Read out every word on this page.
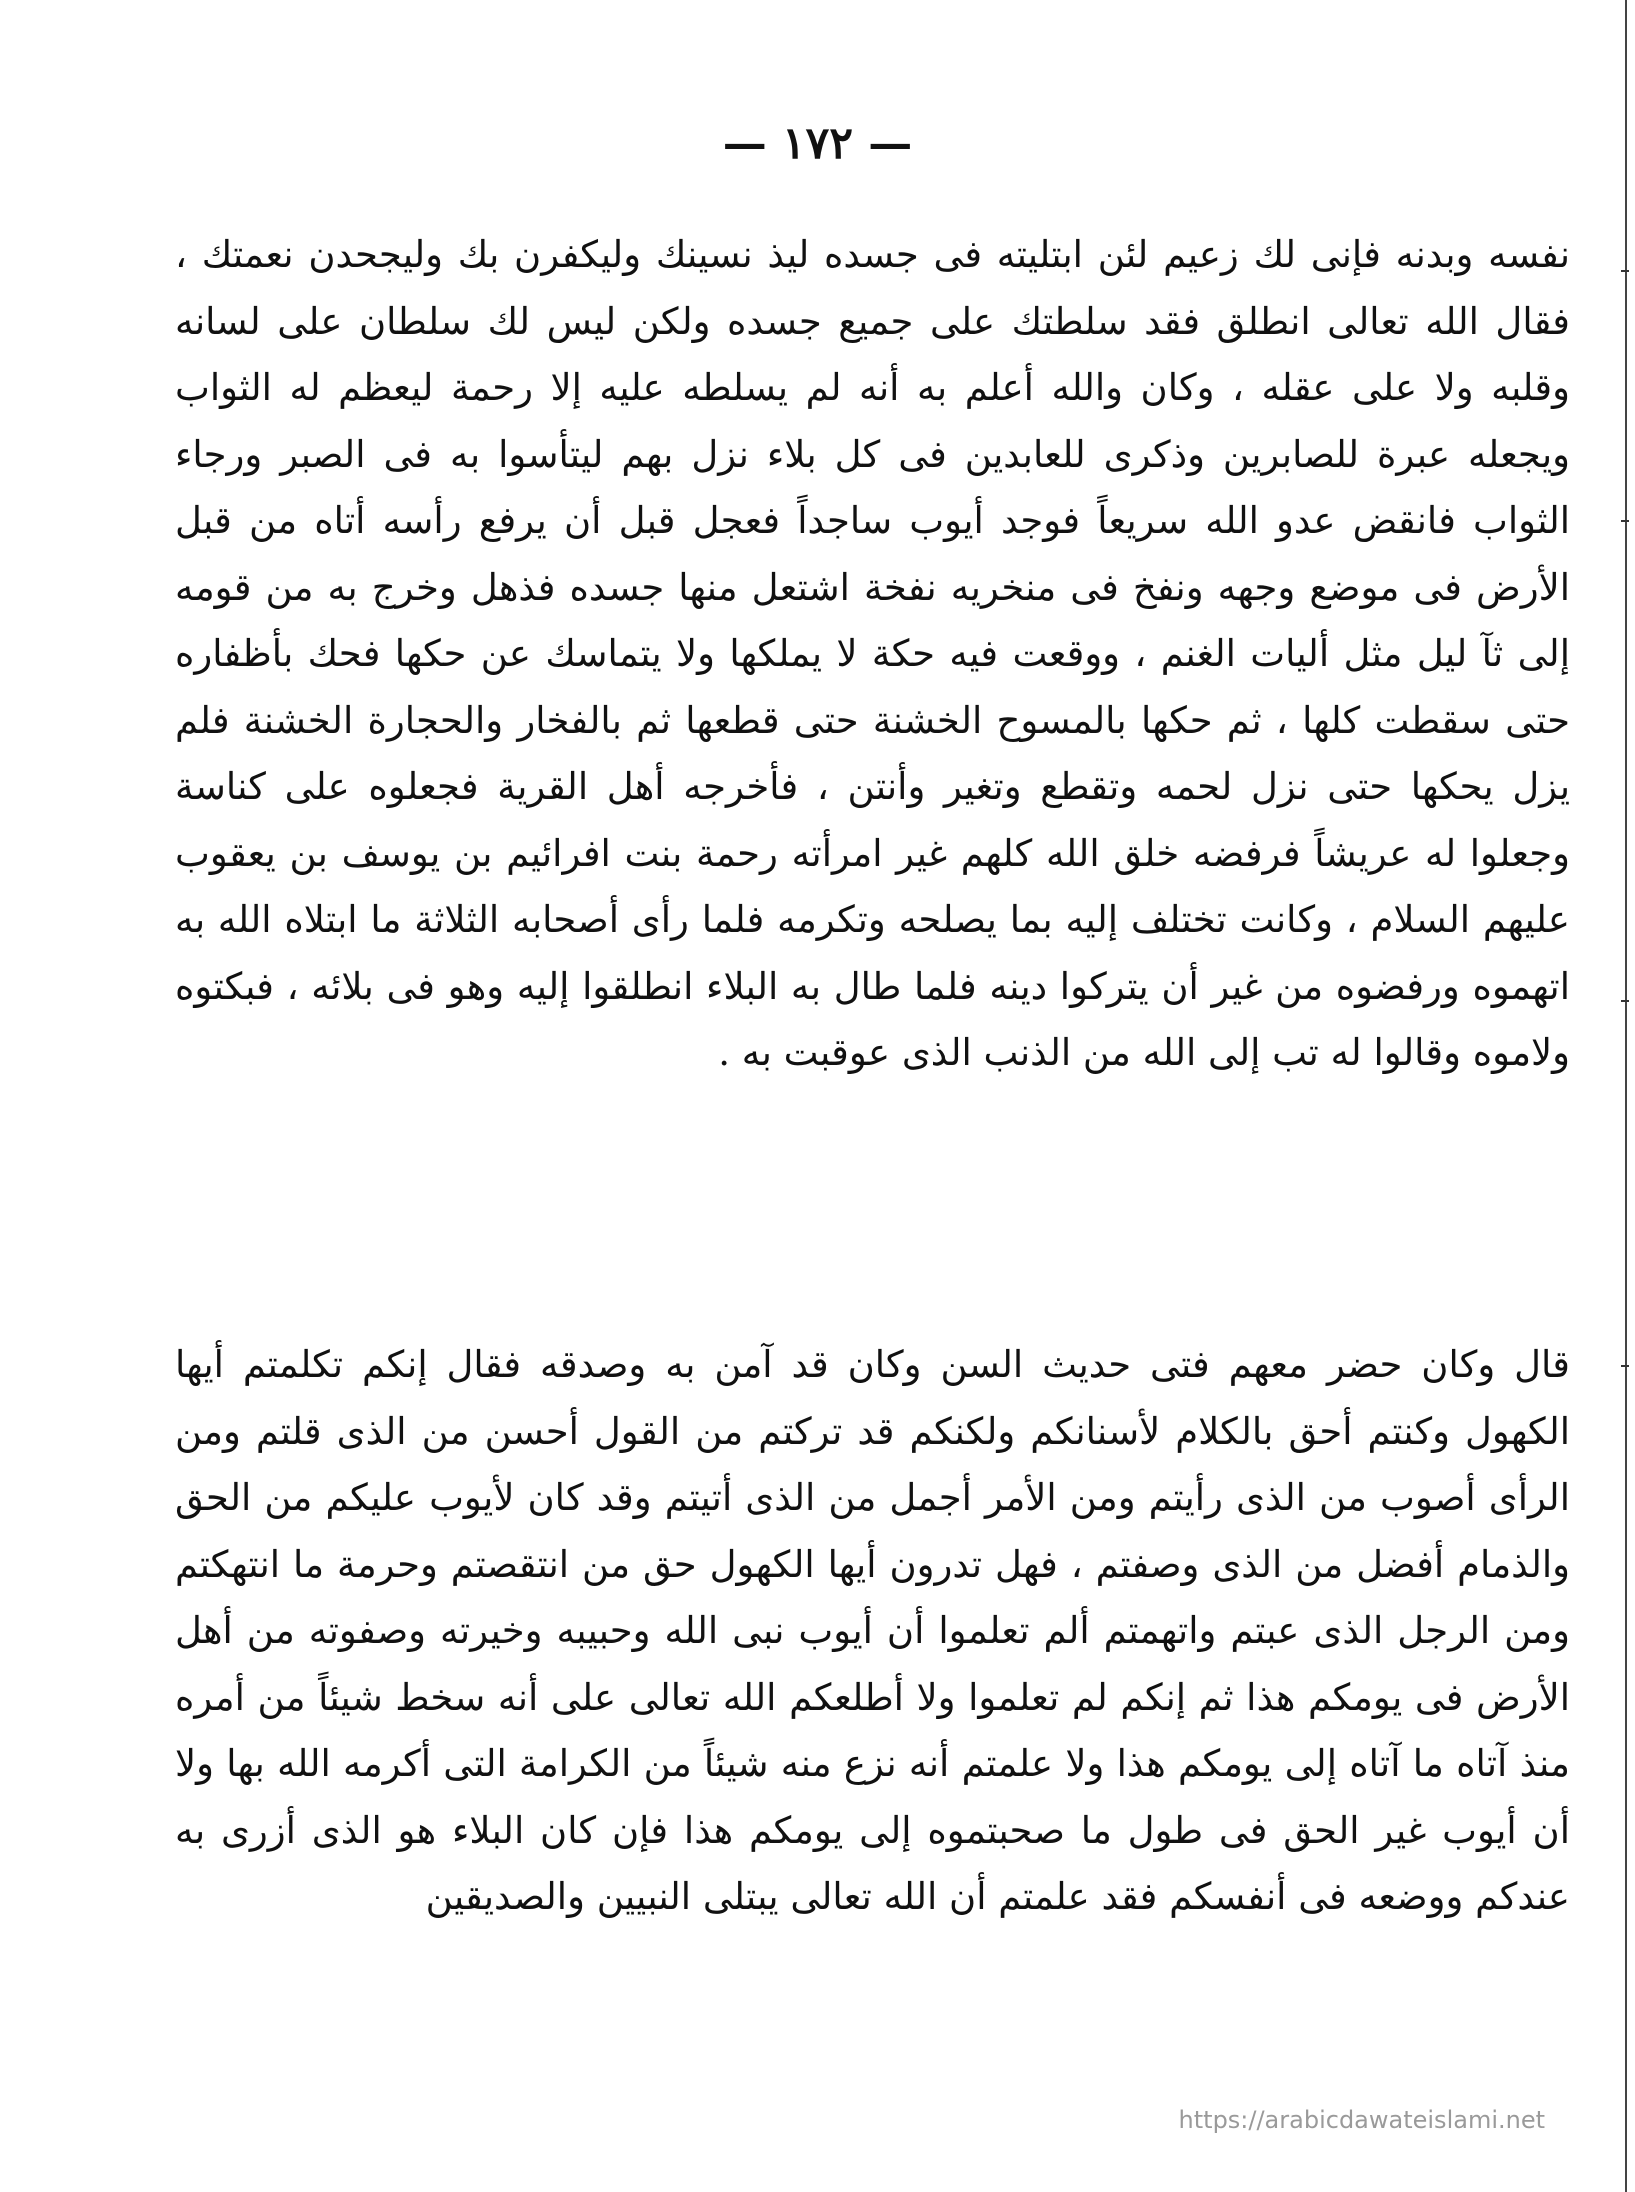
— ١٧٢ —

نفسه وبدنه فإنى لك زعيم لئن ابتليته فى جسده ليذ نسينك وليكفرن بك وليجحدن نعمتك ، فقال الله تعالى انطلق فقد سلطتك على جميع جسده ولكن ليس لك سلطان على لسانه وقلبه ولا على عقله ، وكان والله أعلم به أنه لم يسلطه عليه إلا رحمة ليعظم له الثواب ويجعله عبرة للصابرين وذكرى للعابدين فى كل بلاء نزل بهم ليتأسوا به فى الصبر ورجاء الثواب فانقض عدو الله سريعاً فوجد أيوب ساجداً فعجل قبل أن يرفع رأسه أتاه من قبل الأرض فى موضع وجهه ونفخ فى منخريه نفخة اشتعل منها جسده فذهل وخرج به من قومه إلى ثآ ليل مثل أليات الغنم ، ووقعت فيه حكة لا يملكها ولا يتماسك عن حكها فحك بأظفاره حتى سقطت كلها ، ثم حكها بالمسوح الخشنة حتى قطعها ثم بالفخار والحجارة الخشنة فلم يزل يحكها حتى نزل لحمه وتقطع وتغير وأنتن ، فأخرجه أهل القرية فجعلوه على كناسة وجعلوا له عريشاً فرفضه خلق الله كلهم غير امرأته رحمة بنت افرائيم بن يوسف بن يعقوب عليهم السلام ، وكانت تختلف إليه بما يصلحه وتكرمه فلما رأى أصحابه الثلاثة ما ابتلاه الله به اتهموه ورفضوه من غير أن يتركوا دينه فلما طال به البلاء انطلقوا إليه وهو فى بلائه ، فبكتوه ولاموه وقالوا له تب إلى الله من الذنب الذى عوقبت به .

قال وكان حضر معهم فتى حديث السن وكان قد آمن به وصدقه فقال إنكم تكلمتم أيها الكهول وكنتم أحق بالكلام لأسنانكم ولكنكم قد تركتم من القول أحسن من الذى قلتم ومن الرأى أصوب من الذى رأيتم ومن الأمر أجمل من الذى أتيتم وقد كان لأيوب عليكم من الحق والذمام أفضل من الذى وصفتم ، فهل تدرون أيها الكهول حق من انتقصتم وحرمة ما انتهكتم ومن الرجل الذى عبتم واتهمتم ألم تعلموا أن أيوب نبى الله وحبيبه وخيرته وصفوته من أهل الأرض فى يومكم هذا ثم إنكم لم تعلموا ولا أطلعكم الله تعالى على أنه سخط شيئاً من أمره منذ آتاه ما آتاه إلى يومكم هذا ولا علمتم أنه نزع منه شيئاً من الكرامة التى أكرمه الله بها ولا أن أيوب غير الحق فى طول ما صحبتموه إلى يومكم هذا فإن كان البلاء هو الذى أزرى به عندكم ووضعه فى أنفسكم فقد علمتم أن الله تعالى يبتلى النبيين والصديقين

https://arabicdawateislami.net
